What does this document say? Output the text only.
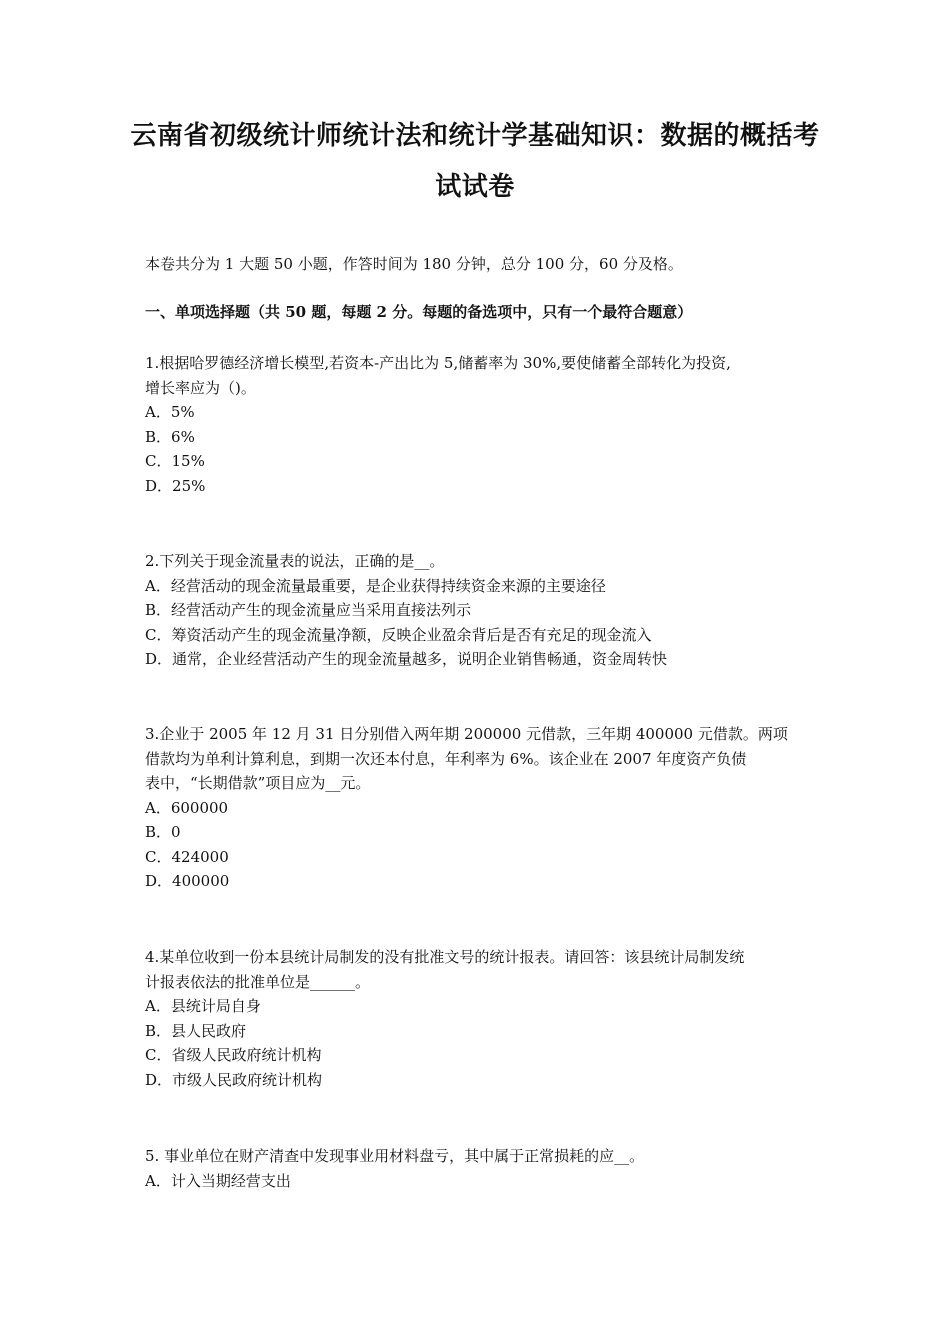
云南省初级统计师统计法和统计学基础知识：数据的概括考
试试卷
本卷共分为 1 大题 50 小题，作答时间为 180 分钟，总分 100 分，60 分及格。
一、单项选择题（共 50 题，每题 2 分。每题的备选项中，只有一个最符合题意）
1.根据哈罗德经济增长模型,若资本-产出比为 5,储蓄率为 30%,要使储蓄全部转化为投资,
增长率应为（)。
A．5%
B．6%
C．15%
D．25%
2.下列关于现金流量表的说法，正确的是__。
A．经营活动的现金流量最重要，是企业获得持续资金来源的主要途径
B．经营活动产生的现金流量应当采用直接法列示
C．筹资活动产生的现金流量净额，反映企业盈余背后是否有充足的现金流入
D．通常，企业经营活动产生的现金流量越多，说明企业销售畅通，资金周转快
3.企业于 2005 年 12 月 31 日分别借入两年期 200000 元借款，三年期 400000 元借款。两项
借款均为单利计算利息，到期一次还本付息，年利率为 6%。该企业在 2007 年度资产负债
表中，“长期借款”项目应为__元。
A．600000
B．0
C．424000
D．400000
4.某单位收到一份本县统计局制发的没有批准文号的统计报表。请回答：该县统计局制发统
计报表依法的批准单位是______。
A．县统计局自身
B．县人民政府
C．省级人民政府统计机构
D．市级人民政府统计机构
5. 事业单位在财产清查中发现事业用材料盘亏，其中属于正常损耗的应__。
A．计入当期经营支出
